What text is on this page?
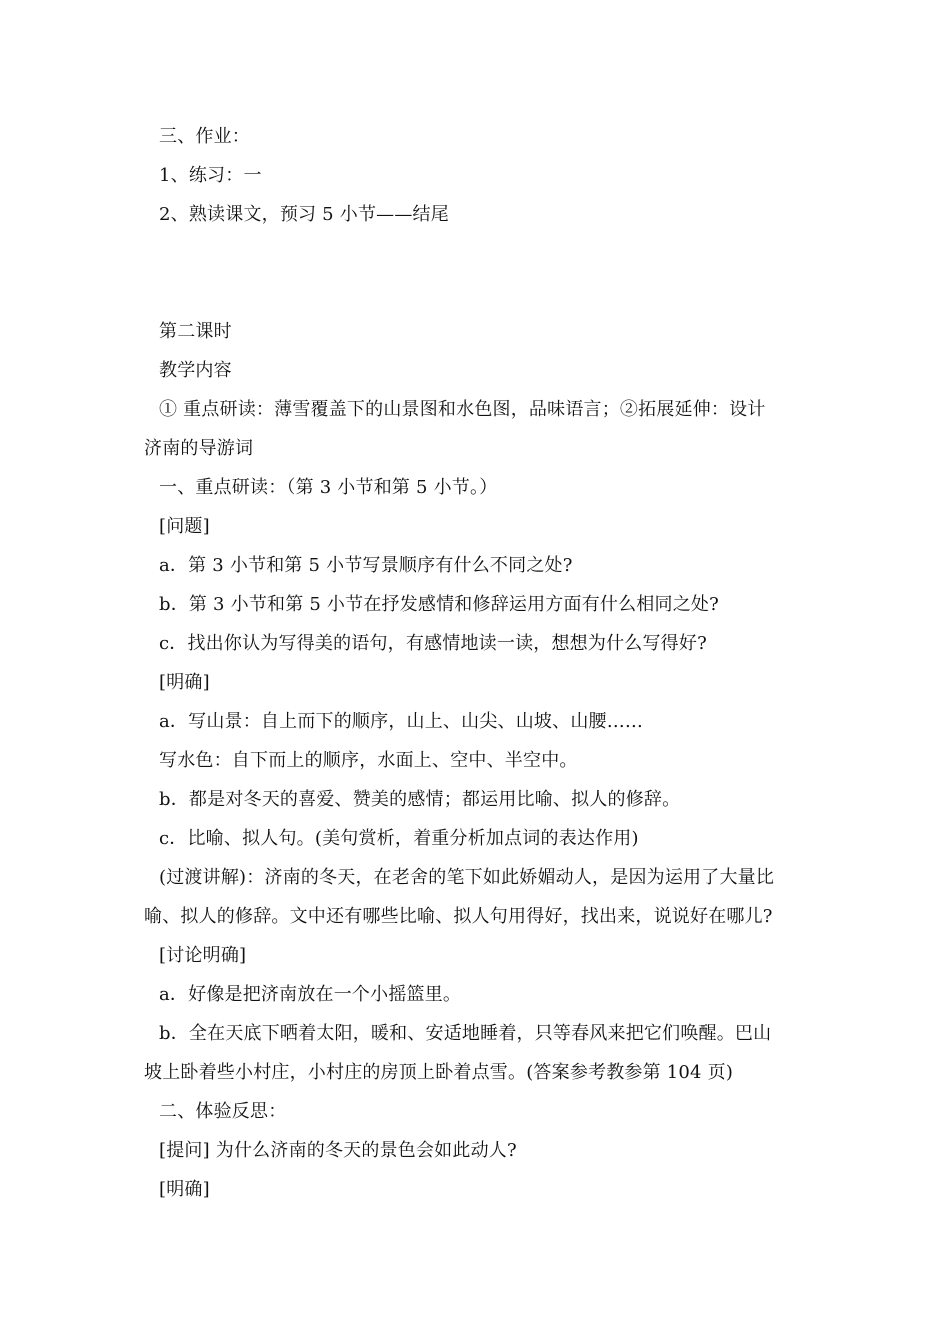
三、作业：
1、练习：一
2、熟读课文，预习 5 小节——结尾
第二课时
教学内容
① 重点研读：薄雪覆盖下的山景图和水色图，品味语言；②拓展延伸：设计
济南的导游词
一、重点研读：（第 3 小节和第 5 小节。）
[问题]
a．第 3 小节和第 5 小节写景顺序有什么不同之处?
b．第 3 小节和第 5 小节在抒发感情和修辞运用方面有什么相同之处?
c．找出你认为写得美的语句，有感情地读一读，想想为什么写得好?
[明确]
a．写山景：自上而下的顺序，山上、山尖、山坡、山腰……
写水色：自下而上的顺序，水面上、空中、半空中。
b．都是对冬天的喜爱、赞美的感情；都运用比喻、拟人的修辞。
c．比喻、拟人句。(美句赏析，着重分析加点词的表达作用)
(过渡讲解)：济南的冬天，在老舍的笔下如此娇媚动人，是因为运用了大量比
喻、拟人的修辞。文中还有哪些比喻、拟人句用得好，找出来，说说好在哪儿?
[讨论明确]
a．好像是把济南放在一个小摇篮里。
b．全在天底下晒着太阳，暖和、安适地睡着，只等春风来把它们唤醒。巴山
坡上卧着些小村庄，小村庄的房顶上卧着点雪。(答案参考教参第 104 页)
二、体验反思：
[提问] 为什么济南的冬天的景色会如此动人?
[明确]
